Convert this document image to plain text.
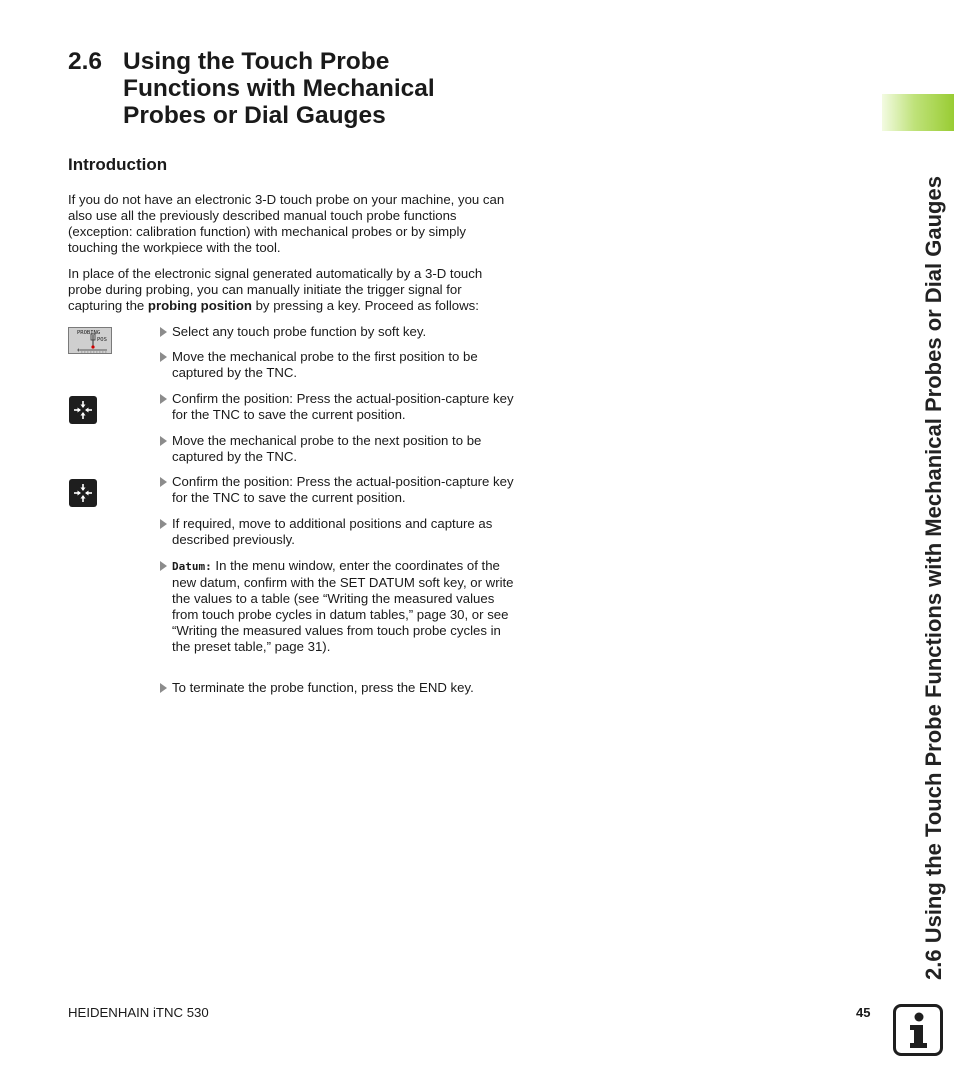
2.6 Using the Touch Probe
Functions with Mechanical
Probes or Dial Gauges
Introduction

If you do not have an electronic 3-D touch probe on your machine, you can also use all the previously described manual touch probe functions (exception: calibration function) with mechanical probes or by simply touching the workpiece with the tool.

In place of the electronic signal generated automatically by a 3-D touch probe during probing, you can manually initiate the trigger signal for capturing the probing position by pressing a key. Proceed as follows:

PROBING
POS
Select any touch probe function by soft key.
Move the mechanical probe to the first position to be captured by the TNC.
Confirm the position: Press the actual-position-capture key for the TNC to save the current position.
Move the mechanical probe to the next position to be captured by the TNC.
Confirm the position: Press the actual-position-capture key for the TNC to save the current position.
If required, move to additional positions and capture as described previously.
Datum: In the menu window, enter the coordinates of the new datum, confirm with the SET DATUM soft key, or write the values to a table (see “Writing the measured values from touch probe cycles in datum tables,” page 30, or see “Writing the measured values from touch probe cycles in the preset table,” page 31).
To terminate the probe function, press the END key.	2.6 Using the Touch Probe Functions with Mechanical Probes or Dial Gauges
HEIDENHAIN iTNC 530	45
